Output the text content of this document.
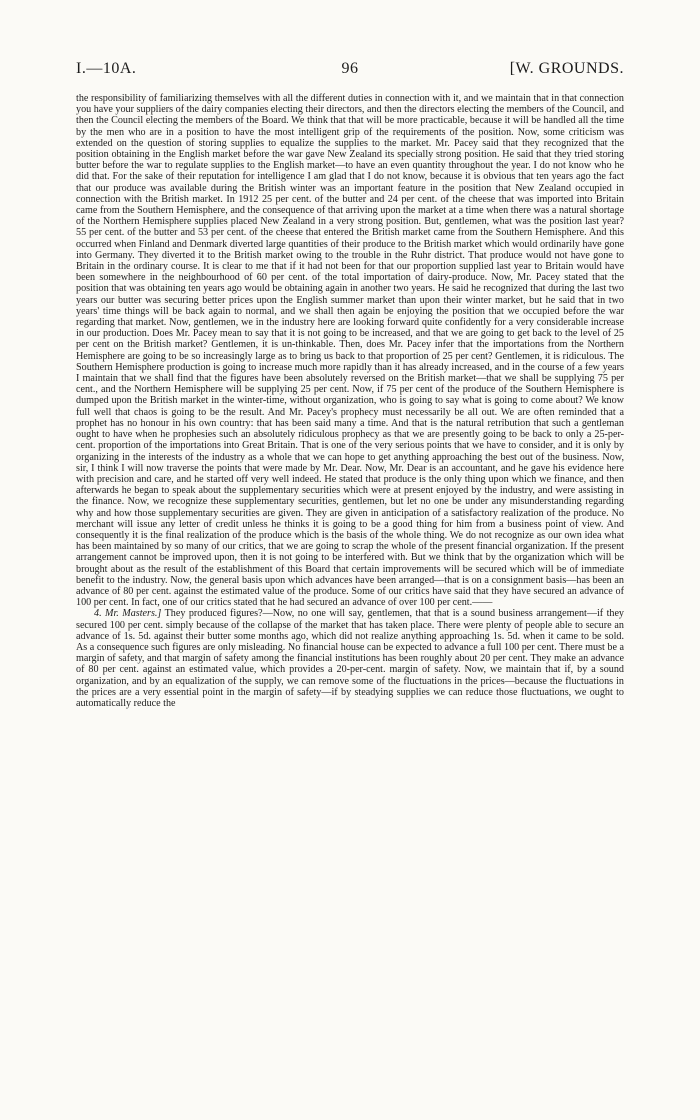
I.—10A.	96	[W. GROUNDS.

the responsibility of familiarizing themselves with all the different duties in connection with it, and we maintain that in that connection you have your suppliers of the dairy companies electing their directors, and then the directors electing the members of the Council, and then the Council electing the members of the Board. We think that that will be more practicable, because it will be handled all the time by the men who are in a position to have the most intelligent grip of the requirements of the position. Now, some criticism was extended on the question of storing supplies to equalize the supplies to the market. Mr. Pacey said that they recognized that the position obtaining in the English market before the war gave New Zealand its specially strong position. He said that they tried storing butter before the war to regulate supplies to the English market—to have an even quantity throughout the year. I do not know who he did that. For the sake of their reputation for intelligence I am glad that I do not know, because it is obvious that ten years ago the fact that our produce was available during the British winter was an important feature in the position that New Zealand occupied in connection with the British market. In 1912 25 per cent. of the butter and 24 per cent. of the cheese that was imported into Britain came from the Southern Hemisphere, and the consequence of that arriving upon the market at a time when there was a natural shortage of the Northern Hemisphere supplies placed New Zealand in a very strong position. But, gentlemen, what was the position last year? 55 per cent. of the butter and 53 per cent. of the cheese that entered the British market came from the Southern Hemisphere. And this occurred when Finland and Denmark diverted large quantities of their produce to the British market which would ordinarily have gone into Germany. They diverted it to the British market owing to the trouble in the Ruhr district. That produce would not have gone to Britain in the ordinary course. It is clear to me that if it had not been for that our proportion supplied last year to Britain would have been somewhere in the neighbourhood of 60 per cent. of the total importation of dairy-produce. Now, Mr. Pacey stated that the position that was obtaining ten years ago would be obtaining again in another two years. He said he recognized that during the last two years our butter was securing better prices upon the English summer market than upon their winter market, but he said that in two years' time things will be back again to normal, and we shall then again be enjoying the position that we occupied before the war regarding that market. Now, gentlemen, we in the industry here are looking forward quite confidently for a very considerable increase in our production. Does Mr. Pacey mean to say that it is not going to be increased, and that we are going to get back to the level of 25 per cent on the British market? Gentlemen, it is un-thinkable. Then, does Mr. Pacey infer that the importations from the Northern Hemisphere are going to be so increasingly large as to bring us back to that proportion of 25 per cent? Gentlemen, it is ridiculous. The Southern Hemisphere production is going to increase much more rapidly than it has already increased, and in the course of a few years I maintain that we shall find that the figures have been absolutely reversed on the British market—that we shall be supplying 75 per cent., and the Northern Hemisphere will be supplying 25 per cent. Now, if 75 per cent of the produce of the Southern Hemisphere is dumped upon the British market in the winter-time, without organization, who is going to say what is going to come about? We know full well that chaos is going to be the result. And Mr. Pacey's prophecy must necessarily be all out. We are often reminded that a prophet has no honour in his own country: that has been said many a time. And that is the natural retribution that such a gentleman ought to have when he prophesies such an absolutely ridiculous prophecy as that we are presently going to be back to only a 25-per-cent. proportion of the importations into Great Britain. That is one of the very serious points that we have to consider, and it is only by organizing in the interests of the industry as a whole that we can hope to get anything approaching the best out of the business. Now, sir, I think I will now traverse the points that were made by Mr. Dear. Now, Mr. Dear is an accountant, and he gave his evidence here with precision and care, and he started off very well indeed. He stated that produce is the only thing upon which we finance, and then afterwards he began to speak about the supplementary securities which were at present enjoyed by the industry, and were assisting in the finance. Now, we recognize these supplementary securities, gentlemen, but let no one be under any misunderstanding regarding why and how those supplementary securities are given. They are given in anticipation of a satisfactory realization of the produce. No merchant will issue any letter of credit unless he thinks it is going to be a good thing for him from a business point of view. And consequently it is the final realization of the produce which is the basis of the whole thing. We do not recognize as our own idea what has been maintained by so many of our critics, that we are going to scrap the whole of the present financial organization. If the present arrangement cannot be improved upon, then it is not going to be interfered with. But we think that by the organization which will be brought about as the result of the establishment of this Board that certain improvements will be secured which will be of immediate benefit to the industry. Now, the general basis upon which advances have been arranged—that is on a consignment basis—has been an advance of 80 per cent. against the estimated value of the produce. Some of our critics have said that they have secured an advance of 100 per cent. In fact, one of our critics stated that he had secured an advance of over 100 per cent.——

4. Mr. Masters.] They produced figures?—Now, no one will say, gentlemen, that that is a sound business arrangement—if they secured 100 per cent. simply because of the collapse of the market that has taken place. There were plenty of people able to secure an advance of 1s. 5d. against their butter some months ago, which did not realize anything approaching 1s. 5d. when it came to be sold. As a consequence such figures are only misleading. No financial house can be expected to advance a full 100 per cent. There must be a margin of safety, and that margin of safety among the financial institutions has been roughly about 20 per cent. They make an advance of 80 per cent. against an estimated value, which provides a 20-per-cent. margin of safety. Now, we maintain that if, by a sound organization, and by an equalization of the supply, we can remove some of the fluctuations in the prices—because the fluctuations in the prices are a very essential point in the margin of safety—if by steadying supplies we can reduce those fluctuations, we ought to automatically reduce the
